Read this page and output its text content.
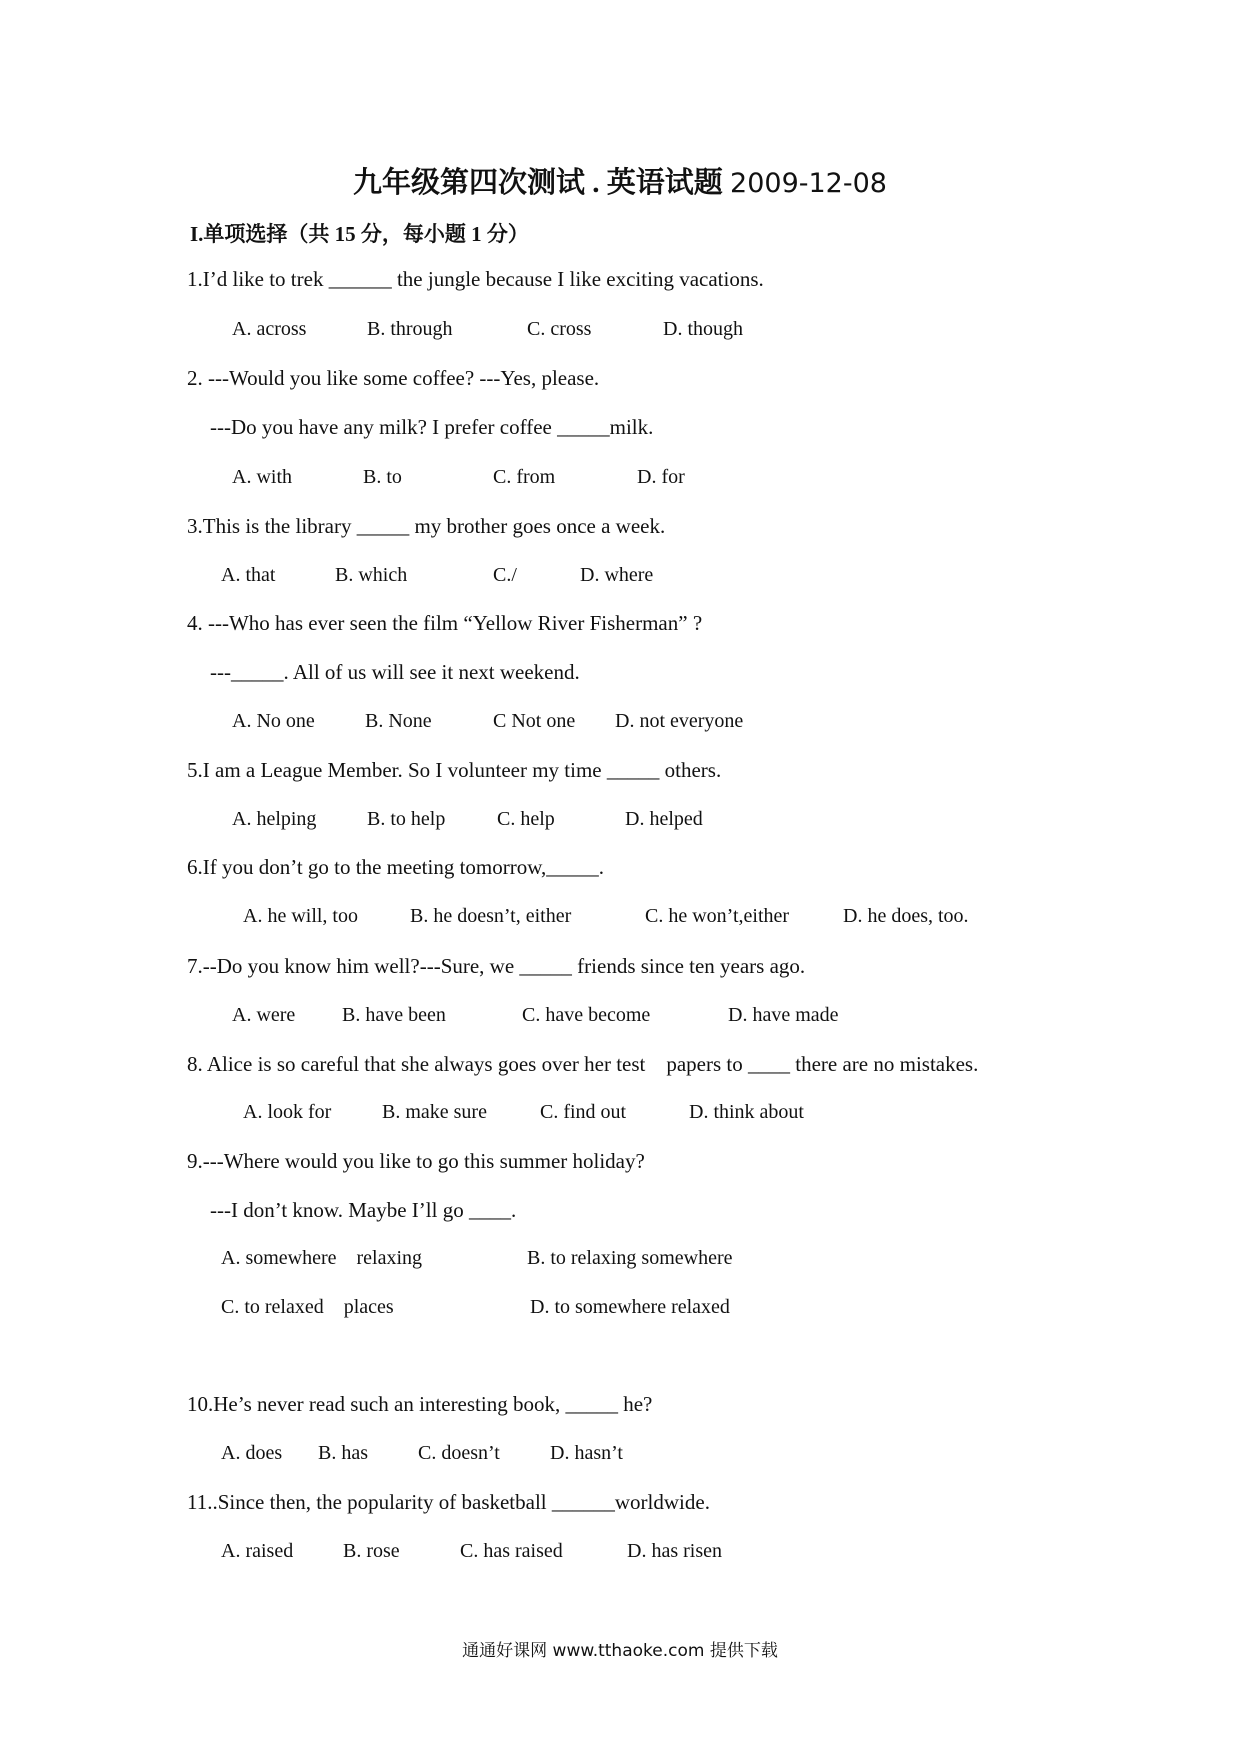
九年级第四次测试 . 英语试题 2009-12-08
I.单项选择（共 15 分，每小题 1 分）
1.I’d like to trek ______ the jungle because I like exciting vacations.
A. across	B. through	C. cross	D. though
2. ---Would you like some coffee? ---Yes, please.
---Do you have any milk? I prefer coffee _____milk.
A. with	B. to	C. from	D. for
3.This is the library _____ my brother goes once a week.
A. that	B. which	C./	D. where
4. ---Who has ever seen the film “Yellow River Fisherman” ?
---_____. All of us will see it next weekend.
A. No one	B. None	C Not one D. not everyone
5.I am a League Member. So I volunteer my time _____ others.
A. helping	B. to help	C. help	D. helped
6.If you don’t go to the meeting tomorrow,_____.
A. he will, too	B. he doesn’t, either	C. he won’t,either	D. he does, too.
7.--Do you know him well?---Sure, we _____ friends since ten years ago.
A. were B. have been	C. have become	D. have made
8. Alice is so careful that she always goes over her test    papers to ____ there are no mistakes.
A. look for	B. make sure	C. find out	D. think about
9.---Where would you like to go this summer holiday?
---I don’t know. Maybe I’ll go ____.
A. somewhere    relaxing	B. to relaxing somewhere
C. to relaxed    places	D. to somewhere relaxed
10.He’s never read such an interesting book, _____ he?
A. does B. has	C. doesn’t	D. hasn’t
11..Since then, the popularity of basketball ______worldwide.
A. raised B. rose	C. has raised	D. has risen
通通好课网 www.tthaoke.com 提供下载
